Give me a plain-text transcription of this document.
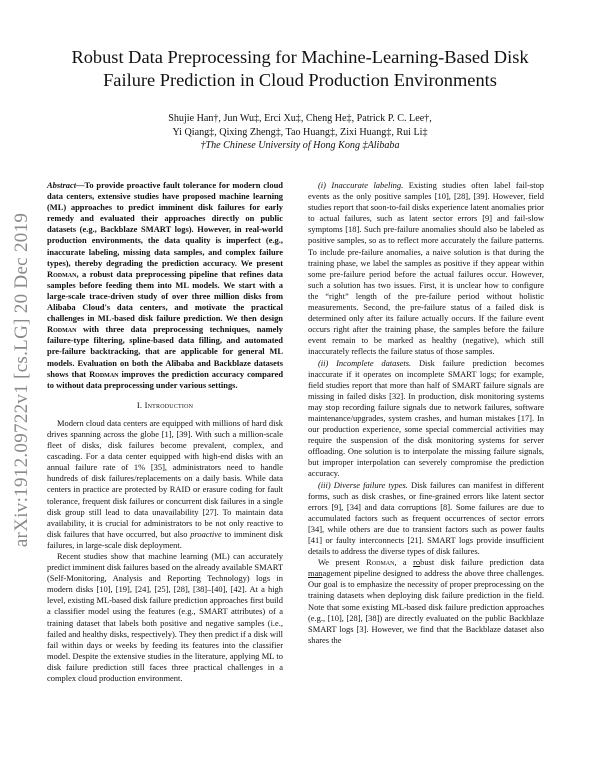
arXiv:1912.09722v1 [cs.LG] 20 Dec 2019
Robust Data Preprocessing for Machine-Learning-Based Disk
Failure Prediction in Cloud Production Environments
Shujie Han†, Jun Wu‡, Erci Xu‡, Cheng He‡, Patrick P. C. Lee†,
Yi Qiang‡, Qixing Zheng‡, Tao Huang‡, Zixi Huang‡, Rui Li‡
†The Chinese University of Hong Kong ‡Alibaba

Abstract—To provide proactive fault tolerance for modern cloud data centers, extensive studies have proposed machine learning (ML) approaches to predict imminent disk failures for early remedy and evaluated their approaches directly on public datasets (e.g., Backblaze SMART logs). However, in real-world production environments, the data quality is imperfect (e.g., inaccurate labeling, missing data samples, and complex failure types), thereby degrading the prediction accuracy. We present Rodman, a robust data preprocessing pipeline that refines data samples before feeding them into ML models. We start with a large-scale trace-driven study of over three million disks from Alibaba Cloud's data centers, and motivate the practical challenges in ML-based disk failure prediction. We then design Rodman with three data preprocessing techniques, namely failure-type filtering, spline-based data filling, and automated pre-failure backtracking, that are applicable for general ML models. Evaluation on both the Alibaba and Backblaze datasets shows that Rodman improves the prediction accuracy compared to without data preprocessing under various settings.

I. Introduction

Modern cloud data centers are equipped with millions of hard disk drives spanning across the globe [1], [39]. With such a million-scale fleet of disks, disk failures become prevalent, complex, and cascading. For a data center equipped with high-end disks with an annual failure rate of 1% [35], administrators need to handle hundreds of disk failures/replacements on a daily basis. While data centers in practice are protected by RAID or erasure coding for fault tolerance, frequent disk failures or concurrent disk failures in a single disk group still lead to data unavailability [27]. To maintain data availability, it is crucial for administrators to be not only reactive to disk failures that have occurred, but also proactive to imminent disk failures, in large-scale disk deployment.

Recent studies show that machine learning (ML) can accurately predict imminent disk failures based on the already available SMART (Self-Monitoring, Analysis and Reporting Technology) logs in modern disks [10], [19], [24], [25], [28], [38]–[40], [42]. At a high level, existing ML-based disk failure prediction approaches first build a classifier model using the features (e.g., SMART attributes) of a training dataset that labels both positive and negative samples (i.e., failed and healthy disks, respectively). They then predict if a disk will fail within days or weeks by feeding its features into the classifier model. Despite the extensive studies in the literature, applying ML to disk failure prediction still faces three practical challenges in a complex cloud production environment.

(i) Inaccurate labeling. Existing studies often label fail-stop events as the only positive samples [10], [28], [39]. However, field studies report that soon-to-fail disks experience latent anomalies prior to actual failures, such as latent sector errors [9] and fail-slow symptoms [18]. Such pre-failure anomalies should also be labeled as positive samples, so as to reflect more accurately the failure patterns. To include pre-failure anomalies, a naive solution is that during the training phase, we label the samples as positive if they appear within some pre-failure period before the actual failures occur. However, such a solution has two issues. First, it is unclear how to configure the “right” length of the pre-failure period without holistic measurements. Second, the pre-failure status of a failed disk is determined only after its failure actually occurs. If the failure event occurs right after the training phase, the samples before the failure event remain to be marked as healthy (negative), which still inaccurately reflects the failure status of those samples.

(ii) Incomplete datasets. Disk failure prediction becomes inaccurate if it operates on incomplete SMART logs; for example, field studies report that more than half of SMART failure signals are missing in failed disks [32]. In production, disk monitoring systems may stop recording failure signals due to network failures, software maintenance/upgrades, system crashes, and human mistakes [17]. In our production experience, some special commercial activities may require the suspension of the disk monitoring systems for server offloading. One solution is to interpolate the missing failure signals, but improper interpolation can severely compromise the prediction accuracy.

(iii) Diverse failure types. Disk failures can manifest in different forms, such as disk crashes, or fine-grained errors like latent sector errors [9], [34] and data corruptions [8]. Some failures are due to accumulated factors such as frequent occurrences of sector errors [34], while others are due to transient factors such as power faults [41] or faulty interconnects [21]. SMART logs provide insufficient details to address the diverse types of disk failures.

We present Rodman, a robust disk failure prediction data management pipeline designed to address the above three challenges. Our goal is to emphasize the necessity of proper preprocessing on the training datasets when deploying disk failure prediction in the field. Note that some existing ML-based disk failure prediction approaches (e.g., [10], [28], [38]) are directly evaluated on the public Backblaze SMART logs [3]. However, we find that the Backblaze dataset also shares the
